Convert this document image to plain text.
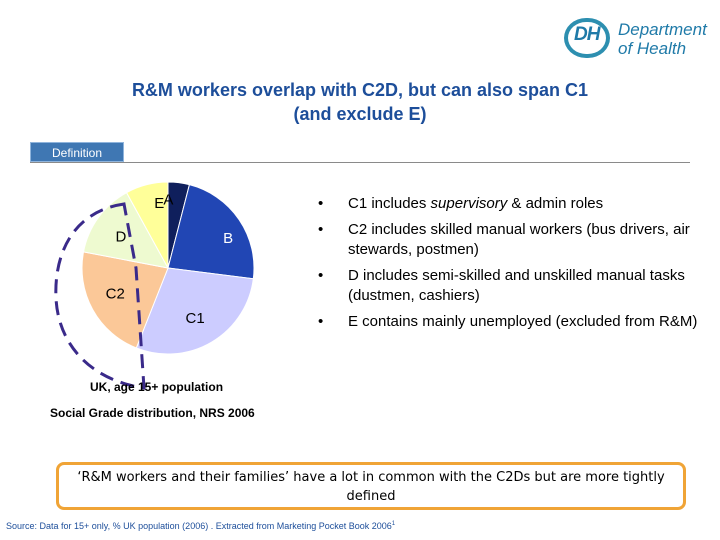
DH Department
of Health
R&M workers overlap with C2D, but can also span C1
(and exclude E)
Definition
A
B
C1
C2
D
E	• C1 includes supervisory & admin roles
• C2 includes skilled manual workers (bus drivers, air stewards, postmen)
• D includes semi-skilled and unskilled manual tasks (dustmen, cashiers)
• E contains mainly unemployed (excluded from R&M)
UK, age 15+ population
Social Grade distribution, NRS 2006
‘R&M workers and their families’ have a lot in common with the C2Ds but are more tightly defined
Source: Data for 15+ only, % UK population (2006) . Extracted from Marketing Pocket Book 2006$^1$
